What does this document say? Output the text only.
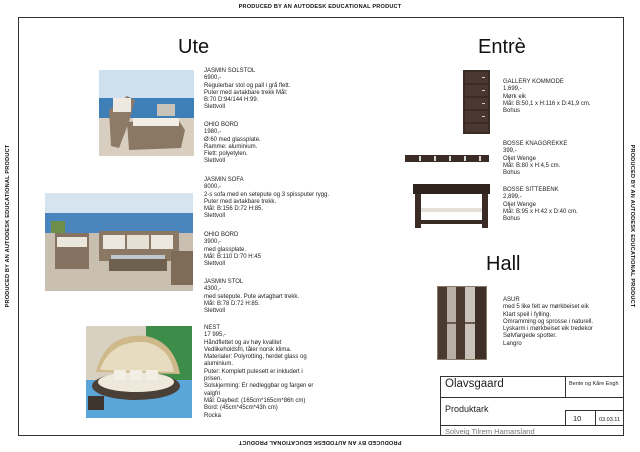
PRODUCED BY AN AUTODESK EDUCATIONAL PRODUCT
PRODUCED BY AN AUTODESK EDUCATIONAL PRODUCT
PRODUCED BY AN AUTODESK EDUCATIONAL PRODUCT	PRODUCED BY AN AUTODESK EDUCATIONAL PRODUCT
Ute	Entrè
Hall
JASMIN SOLSTOL
6900,-
Regulerbar stol og pall i grå flett.
Puter med avtakbare trekk Mål:
B:70 D:94/144 H:99.
Slettvoll
OHIO BORD
1980,-
Ø:60 med glassplate.
Ramme: aluminium.
Flett: polyetylen.
Slettvoll
JASMIN SOFA
8000,-
2-s sofa med en seteputе og 3 spissputer rygg.
Puter med avtakbare trekk.
Mål: B:156 D:72 H:85.
Slettvoll
OHIO BORD
3900,-
med glassplate.
Mål: B:110 D:70 H:45
Slettvoll
JASMIN STOL
4300,-
med seteputе. Pute avtagbart trekk.
Mål: B:78 D:72 H:85.
Slettvoll
NEST
17 995,-
Håndflettet og av høy kvalitet
Vedlikeholdsfri, tåler norsk klima.
Materialer: Polyrotting, herdet glass og
aluminium.
Puter: Komplett putesett er inkludert i
prisen.
Solskjerming: Er nedleggbar og fargen er
valgfri
Mål: Daybed: (165cm*165cm*86h cm)
Bord: (45cm*45cm*43h cm)
Rocka
GALLERY KOMMODE
1,699,-
Mørk eik
Mål: B:50,1 x H:116 x D:41,9 cm.
Bohus
BOSSE KNAGGREKKE
399,-
Oljet Wenge
Mål: B:80 x H:4,5 cm.
Bohus
BOSSE SITTEBENK
2,899,-
Oljet Wenge
Mål: B:95 x H:42 x D:40 cm.
Bohus
ASUR
med 5 like felt av mørkbeiset eik
Klart speil i fylling.
Omramming og sprosse i naturell.
Lyskarm i mørkbeiset eik tredekor
Sølvfargede spotter.
Langro
Olavsgaard	Bente og Kåre Engh
Produktark
10	03.03.11
Solveig Tilrem Hamarsland
